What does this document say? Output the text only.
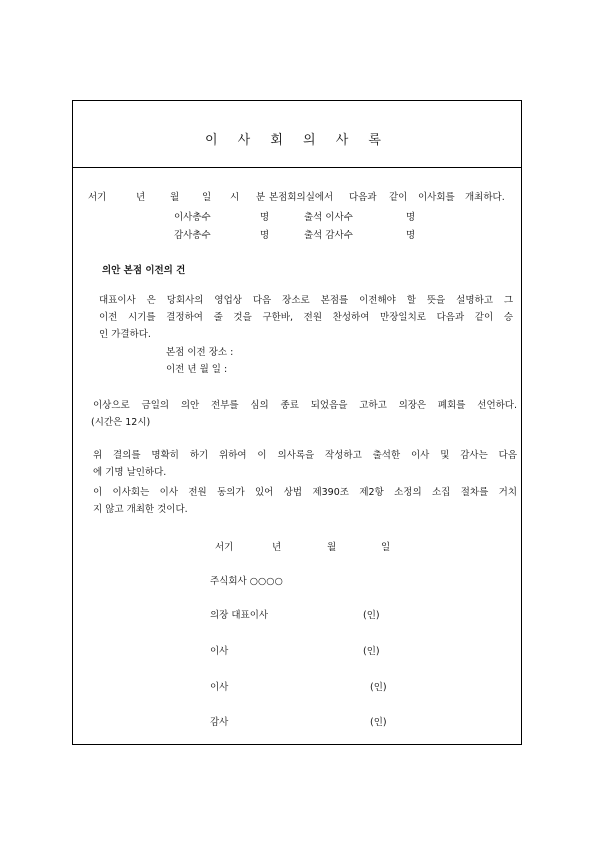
이 사 회 의 사 록
서기	년	월 일 시 분 본점회의실에서 다음과 같이 이사회를 개최하다.
이사총수	명	출석 이사수	명
감사총수	명	출석 감사수	명
의안 본점 이전의 건
대표이사 은 당회사의 영업상 다음 장소로 본점를 이전해야 할 뜻을 설명하고 그
이전 시기를 결정하여 줄 것을 구한바, 전원 찬성하여 만장일치로 다음과 같이 승
인 가결하다.
본점 이전 장소 :
이전 년 월 일 :
이상으로 금일의 의안 전부를 심의 종료 되었음을 고하고 의장은 폐회를 선언하다.
(시간은 12시)
위 결의를 명확히 하기 위하여 이 의사록을 작성하고 출석한 이사 및 감사는 다음
에 기명 날인하다.
이 이사회는 이사 전원 동의가 있어 상법 제390조 제2항 소정의 소집 절차를 거치
지 않고 개최한 것이다.
서기	년	월	일
주식회사 ○○○○
의장 대표이사	(인)
이사	(인)
이사	(인)
감사	(인)
